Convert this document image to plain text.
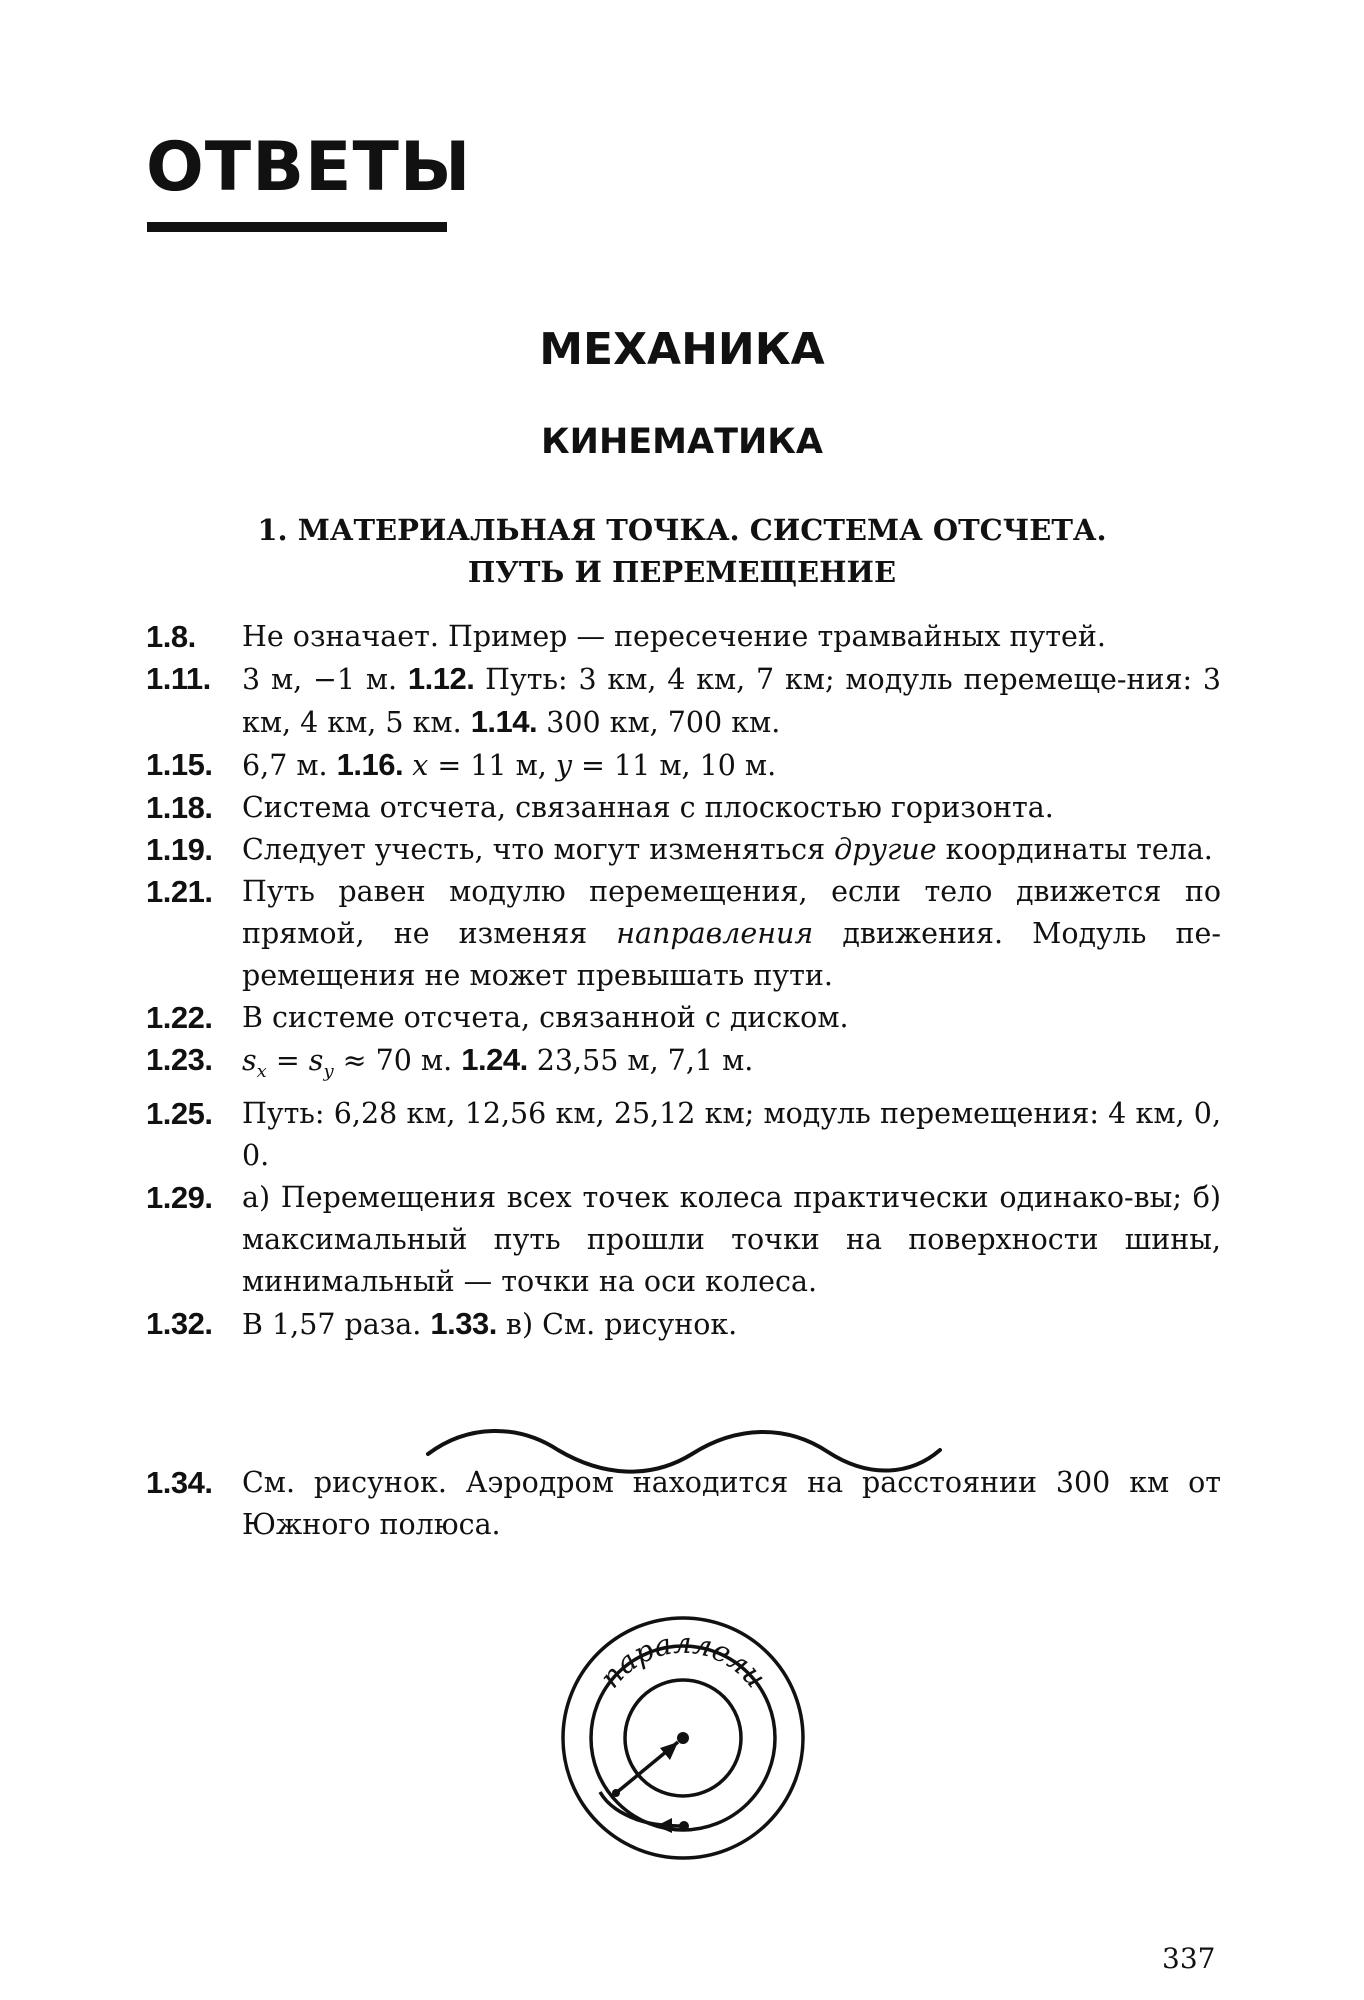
ОТВЕТЫ
МЕХАНИКА
КИНЕМАТИКА
1. МАТЕРИАЛЬНАЯ ТОЧКА. СИСТЕМА ОТСЧЕТА.
ПУТЬ И ПЕРЕМЕЩЕНИЕ
1.8.	Не означает. Пример — пересечение трамвайных путей.
1.11.	3 м, −1 м. 1.12. Путь: 3 км, 4 км, 7 км; модуль перемеще-ния: 3 км, 4 км, 5 км. 1.14. 300 км, 700 км.
1.15.	6,7 м. 1.16. x = 11 м, y = 11 м, 10 м.
1.18.	Система отсчета, связанная с плоскостью горизонта.
1.19.	Следует учесть, что могут изменяться другие координаты тела.
1.21.	Путь равен модулю перемещения, если тело движется по прямой, не изменяя направления движения. Модуль пе-ремещения не может превышать пути.
1.22.	В системе отсчета, связанной с диском.
1.23.	$s_x = s_y \approx 70$ м. 1.24. 23,55 м, 7,1 м.
1.25.	Путь: 6,28 км, 12,56 км, 25,12 км; модуль перемещения: 4 км, 0, 0.
1.29.	а) Перемещения всех точек колеса практически одинако-вы; б) максимальный путь прошли точки на поверхности шины, минимальный — точки на оси колеса.
1.32.	В 1,57 раза. 1.33. в) См. рисунок.
1.34.	См. рисунок. Аэродром находится на расстоянии 300 км от Южного полюса.
параллели
337
